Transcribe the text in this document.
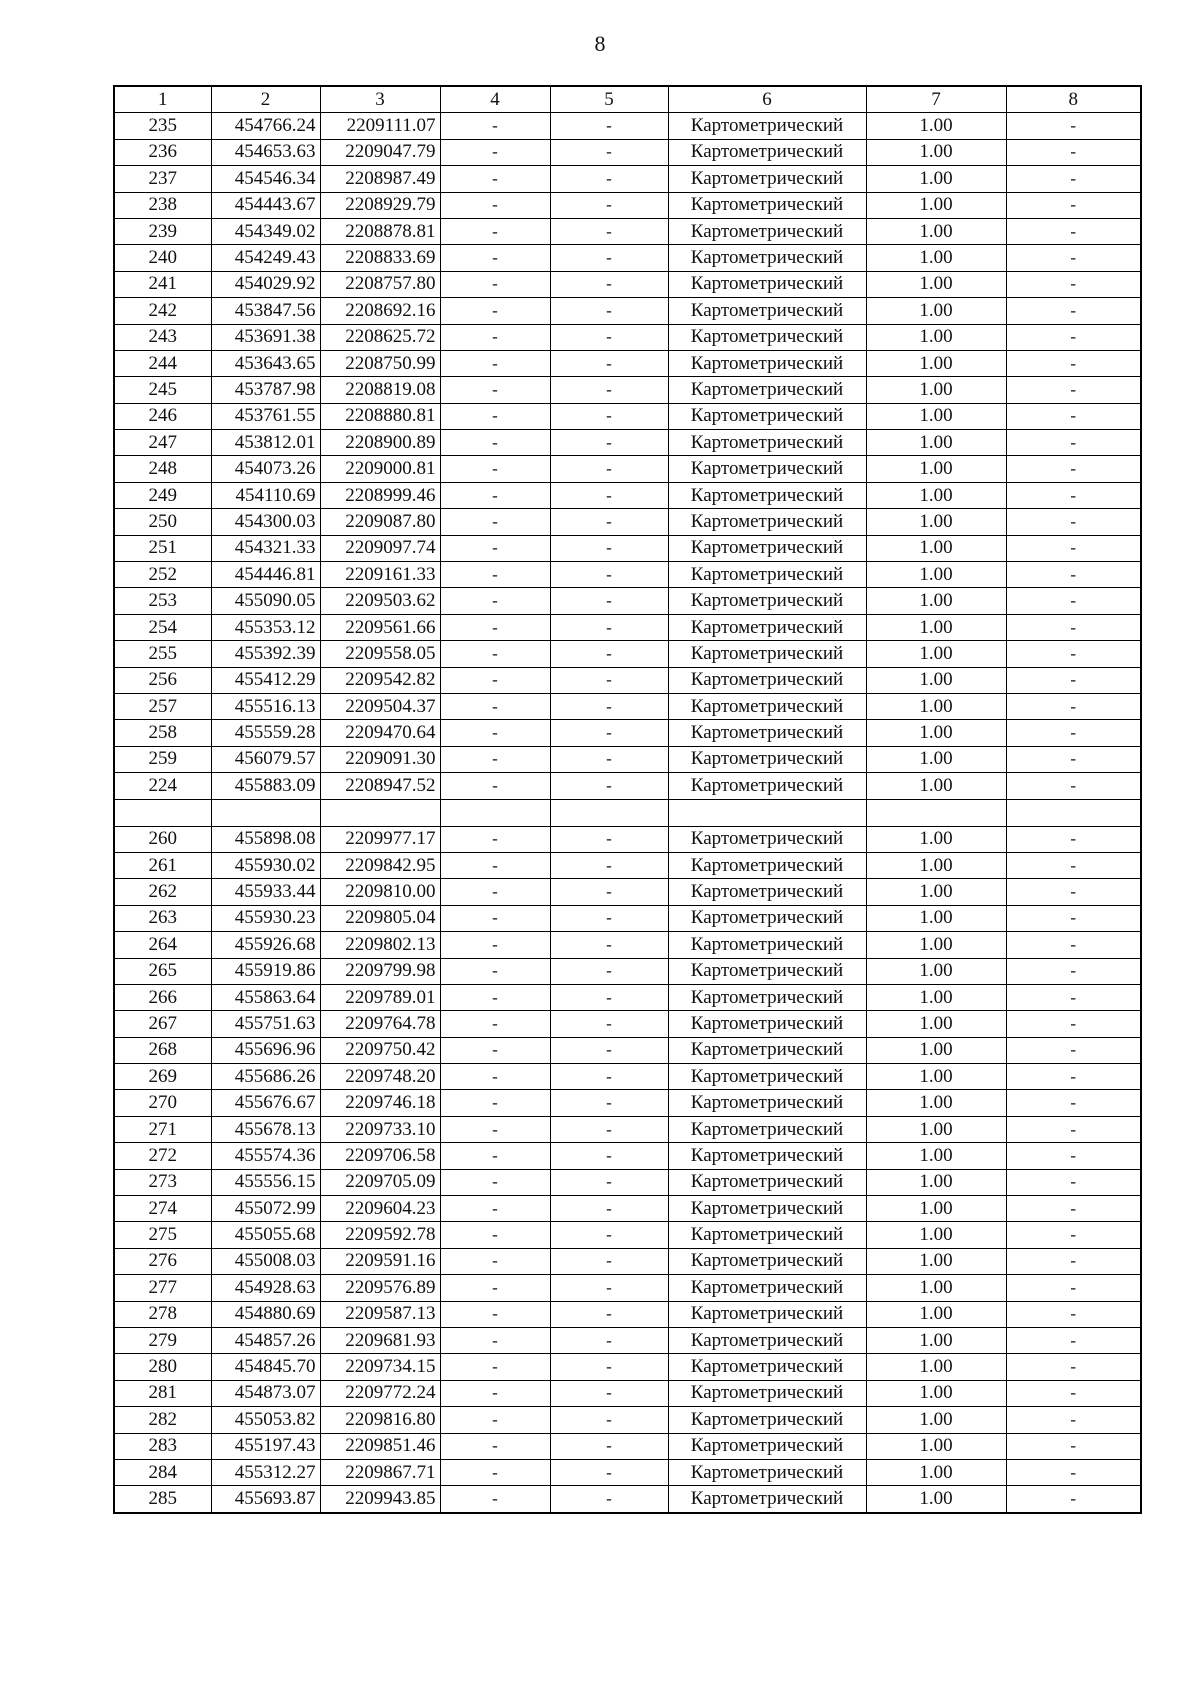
8
1	2	3	4	5	6	7	8
235	454766.24	2209111.07	-	-	Картометрический	1.00	-
236	454653.63	2209047.79	-	-	Картометрический	1.00	-
237	454546.34	2208987.49	-	-	Картометрический	1.00	-
238	454443.67	2208929.79	-	-	Картометрический	1.00	-
239	454349.02	2208878.81	-	-	Картометрический	1.00	-
240	454249.43	2208833.69	-	-	Картометрический	1.00	-
241	454029.92	2208757.80	-	-	Картометрический	1.00	-
242	453847.56	2208692.16	-	-	Картометрический	1.00	-
243	453691.38	2208625.72	-	-	Картометрический	1.00	-
244	453643.65	2208750.99	-	-	Картометрический	1.00	-
245	453787.98	2208819.08	-	-	Картометрический	1.00	-
246	453761.55	2208880.81	-	-	Картометрический	1.00	-
247	453812.01	2208900.89	-	-	Картометрический	1.00	-
248	454073.26	2209000.81	-	-	Картометрический	1.00	-
249	454110.69	2208999.46	-	-	Картометрический	1.00	-
250	454300.03	2209087.80	-	-	Картометрический	1.00	-
251	454321.33	2209097.74	-	-	Картометрический	1.00	-
252	454446.81	2209161.33	-	-	Картометрический	1.00	-
253	455090.05	2209503.62	-	-	Картометрический	1.00	-
254	455353.12	2209561.66	-	-	Картометрический	1.00	-
255	455392.39	2209558.05	-	-	Картометрический	1.00	-
256	455412.29	2209542.82	-	-	Картометрический	1.00	-
257	455516.13	2209504.37	-	-	Картометрический	1.00	-
258	455559.28	2209470.64	-	-	Картометрический	1.00	-
259	456079.57	2209091.30	-	-	Картометрический	1.00	-
224	455883.09	2208947.52	-	-	Картометрический	1.00	-

260	455898.08	2209977.17	-	-	Картометрический	1.00	-
261	455930.02	2209842.95	-	-	Картометрический	1.00	-
262	455933.44	2209810.00	-	-	Картометрический	1.00	-
263	455930.23	2209805.04	-	-	Картометрический	1.00	-
264	455926.68	2209802.13	-	-	Картометрический	1.00	-
265	455919.86	2209799.98	-	-	Картометрический	1.00	-
266	455863.64	2209789.01	-	-	Картометрический	1.00	-
267	455751.63	2209764.78	-	-	Картометрический	1.00	-
268	455696.96	2209750.42	-	-	Картометрический	1.00	-
269	455686.26	2209748.20	-	-	Картометрический	1.00	-
270	455676.67	2209746.18	-	-	Картометрический	1.00	-
271	455678.13	2209733.10	-	-	Картометрический	1.00	-
272	455574.36	2209706.58	-	-	Картометрический	1.00	-
273	455556.15	2209705.09	-	-	Картометрический	1.00	-
274	455072.99	2209604.23	-	-	Картометрический	1.00	-
275	455055.68	2209592.78	-	-	Картометрический	1.00	-
276	455008.03	2209591.16	-	-	Картометрический	1.00	-
277	454928.63	2209576.89	-	-	Картометрический	1.00	-
278	454880.69	2209587.13	-	-	Картометрический	1.00	-
279	454857.26	2209681.93	-	-	Картометрический	1.00	-
280	454845.70	2209734.15	-	-	Картометрический	1.00	-
281	454873.07	2209772.24	-	-	Картометрический	1.00	-
282	455053.82	2209816.80	-	-	Картометрический	1.00	-
283	455197.43	2209851.46	-	-	Картометрический	1.00	-
284	455312.27	2209867.71	-	-	Картометрический	1.00	-
285	455693.87	2209943.85	-	-	Картометрический	1.00	-
